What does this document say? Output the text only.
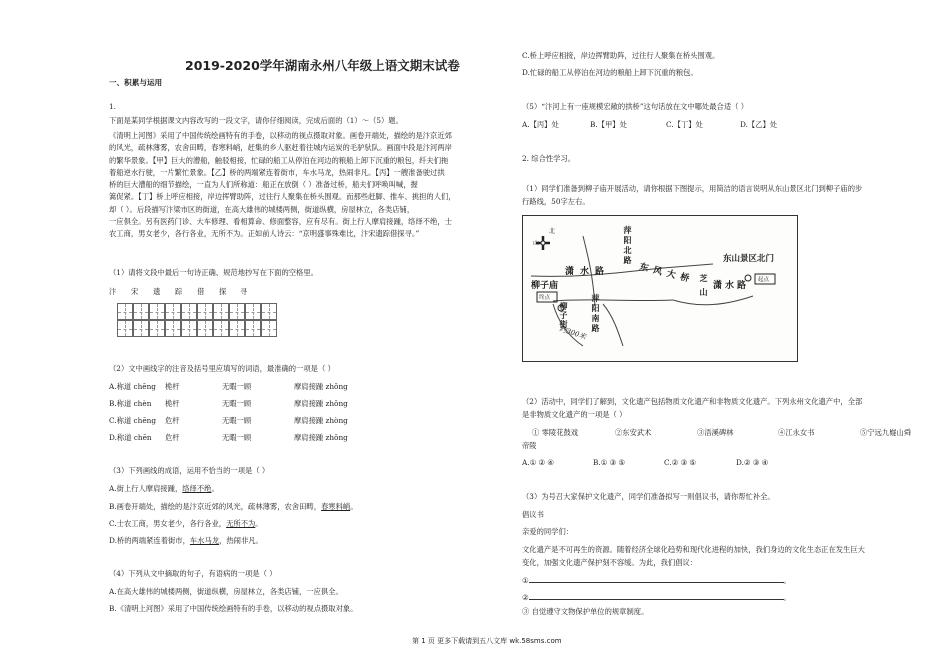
2019-2020学年湖南永州八年级上语文期末试卷
一、积累与运用
1.
下面是某同学根据课文内容改写的一段文字，请你仔细阅读，完成后面的（1）～（5）题。
《清明上河图》采用了中国传统绘画特有的手卷，以移动的视点摄取对象。画卷开端处，描绘的是汴京近郊
的风光，疏林薄雾，农舍田畴，春寒料峭，赶集的乡人驱赶着往城内运炭的毛驴驮队。画面中段是汴河两岸
的繁华景象。【甲】巨大的漕船，触驳相接，忙碌的船工从停泊在河边的粮船上卸下沉重的粮包，纤夫们拖
着船逆水行驶，一片繁忙景象。【乙】桥的两端紧连着街市，车水马龙，热闹非凡。【丙】一艘准备驶过拱
桥的巨大漕船的细节描绘，一直为人们所称道：船正在放倒（ ）准备过桥，船夫们呼唤叫喊，握
篙促紧。【丁】桥上呼应相接，岸边挥臂助阵，过往行人聚集在桥头围观。而那些赶脚、推车、挑担的人们，
却（ ）。后段描写汴梁市区的街道，在高大雄伟的城楼两侧，街道纵横，房屋林立，各类店铺，
一应俱全。另有医药门诊、大车修理、看相算命、修面整容，应有尽有。街上行人摩肩接踵，络绎不绝，士
农工商，男女老少，各行各业，无所不为。正如前人诗云：“京明盛事殊难比，汴宋遗踪借探寻。”
（1）请将文段中最后一句诗正确、规范地抄写在下面的空格里。
汴 宋 遗 踪 借 探 寻
（2）文中画线字的注音及括号里应填写的词语，最准确的一项是（ ）
A.称道 chēng 桅杆	无暇一顾	摩肩接踵 zhǒng
B.称道 chèn 桅杆	无暇一顾	摩肩接踵 zhǒng
C.称道 chēng 危杆	无暇一顾	摩肩接踵 zhòng
D.称道 chēn 危杆	无暇一顾	摩肩接踵 zhǒng
（3）下列画线的成语，运用不恰当的一项是（ ）
A.街上行人摩肩接踵，络绎不绝。
B.画卷开端处，描绘的是汴京近郊的风光，疏林薄雾，农舍田畴，春寒料峭。
C.士农工商，男女老少，各行各业，无所不为。
D.桥的两端紧连着街市，车水马龙，热闹非凡。
（4）下列从文中摘取的句子，有语病的一项是（ ）
A.在高大雄伟的城楼两侧，街道纵横，房屋林立，各类店铺，一应俱全。
B.《清明上河图》采用了中国传统绘画特有的手卷，以移动的视点摄取对象。
C.桥上呼应相接，岸边挥臂助阵，过往行人聚集在桥头围观。
D.忙碌的船工从停泊在河边的粮船上卸下沉重的粮包。
（5）“汴河上有一座规模宏敞的拱桥”这句话放在文中哪处最合适（ ）
A.【丙】处	B.【甲】处	C.【丁】处	D.【乙】处
2. 综合性学习。
（1）同学们准备到柳子庙开展活动，请你根据下图提示，用简洁的语言说明从东山景区北门到柳子庙的步
行路线，50字左右。
北
山
潇水路	东风大桥
萍阳北路
萍阳南路
柳子街
柳子庙
东山景区北门
起点
终点
约300米
芝山 潇水路
（2）活动中，同学们了解到，文化遗产包括物质文化遗产和非物质文化遗产。下列永州文化遗产中，全部
是非物质文化遗产的一项是（ ）
① 零陵花鼓戏	②东安武术	③浯溪碑林	④江永女书	⑤宁远九嶷山舜
帝陵
A.① ② ④	B.① ③ ⑤	C.② ③ ⑤	D.② ③ ④
（3）为号召大家保护文化遗产，同学们准备拟写一则倡议书，请你帮忙补全。
倡议书
亲爱的同学们：
文化遗产是不可再生的资源。随着经济全球化趋势和现代化进程的加快，我们身边的文化生态正在发生巨大
变化，加强文化遗产保护刻不容缓。为此，我们倡议：
①	。
②	。
③ 自觉遵守文物保护单位的规章制度。
第 1 页 更多下载请到五八文库 wk.58sms.com
